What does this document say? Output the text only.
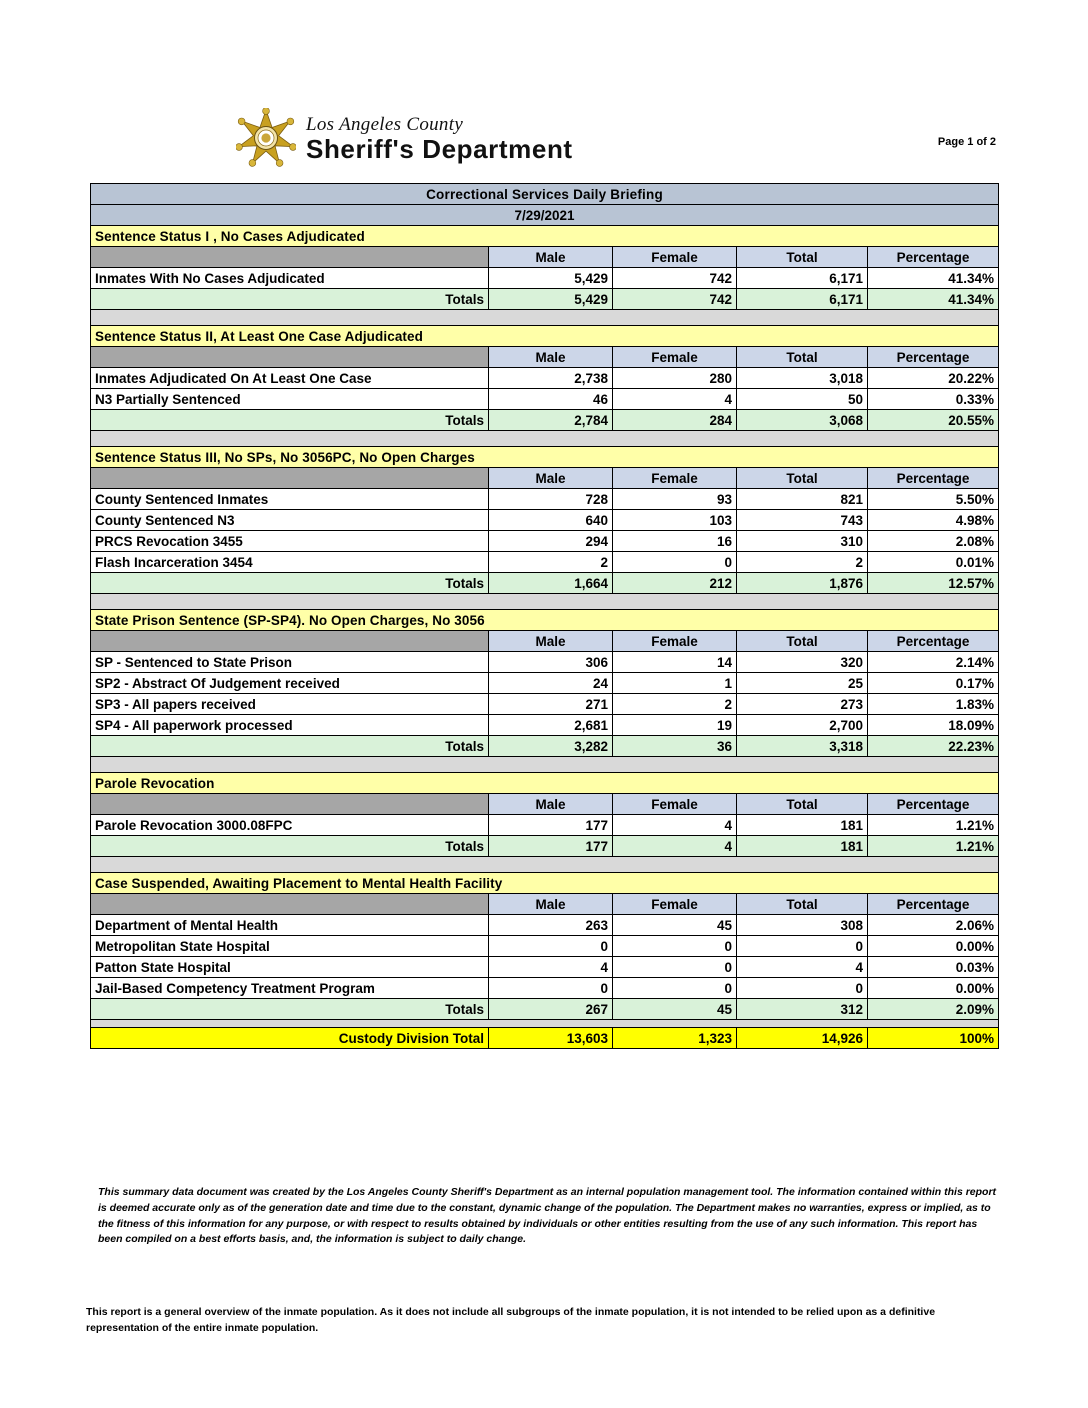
Los Angeles County
Sheriff's Department	Page 1 of 2
Correctional Services Daily Briefing				
7/29/2021				
Sentence Status I , No Cases Adjudicated				
	Male	Female	Total	Percentage
Inmates With No Cases Adjudicated	5,429	742	6,171	41.34%
Totals	5,429	742	6,171	41.34%

Sentence Status II, At Least One Case Adjudicated				
	Male	Female	Total	Percentage
Inmates Adjudicated On At Least One Case	2,738	280	3,018	20.22%
N3 Partially Sentenced	46	4	50	0.33%
Totals	2,784	284	3,068	20.55%

Sentence Status III, No SPs, No 3056PC, No Open Charges				
	Male	Female	Total	Percentage
County Sentenced Inmates	728	93	821	5.50%
County Sentenced N3	640	103	743	4.98%
PRCS Revocation 3455	294	16	310	2.08%
Flash Incarceration 3454	2	0	2	0.01%
Totals	1,664	212	1,876	12.57%

State Prison Sentence (SP-SP4). No Open Charges, No 3056				
	Male	Female	Total	Percentage
SP - Sentenced to State Prison	306	14	320	2.14%
SP2 - Abstract Of Judgement received	24	1	25	0.17%
SP3 - All papers received	271	2	273	1.83%
SP4 - All paperwork processed	2,681	19	2,700	18.09%
Totals	3,282	36	3,318	22.23%

Parole Revocation				
	Male	Female	Total	Percentage
Parole Revocation 3000.08FPC	177	4	181	1.21%
Totals	177	4	181	1.21%

Case Suspended, Awaiting Placement to Mental Health Facility				
	Male	Female	Total	Percentage
Department of Mental Health	263	45	308	2.06%
Metropolitan State Hospital	0	0	0	0.00%
Patton State Hospital	4	0	4	0.03%
Jail-Based Competency Treatment Program	0	0	0	0.00%
Totals	267	45	312	2.09%

Custody Division Total	13,603	1,323	14,926	100%
This summary data document was created by the Los Angeles County Sheriff's Department as an internal population management tool. The information contained within this report is deemed accurate only as of the generation date and time due to the constant, dynamic change of the population. The Department makes no warranties, express or implied, as to the fitness of this information for any purpose, or with respect to results obtained by individuals or other entities resulting from the use of any such information. This report has been compiled on a best efforts basis, and, the information is subject to daily change.
This report is a general overview of the inmate population. As it does not include all subgroups of the inmate population, it is not intended to be relied upon as a definitive representation of the entire inmate population.
